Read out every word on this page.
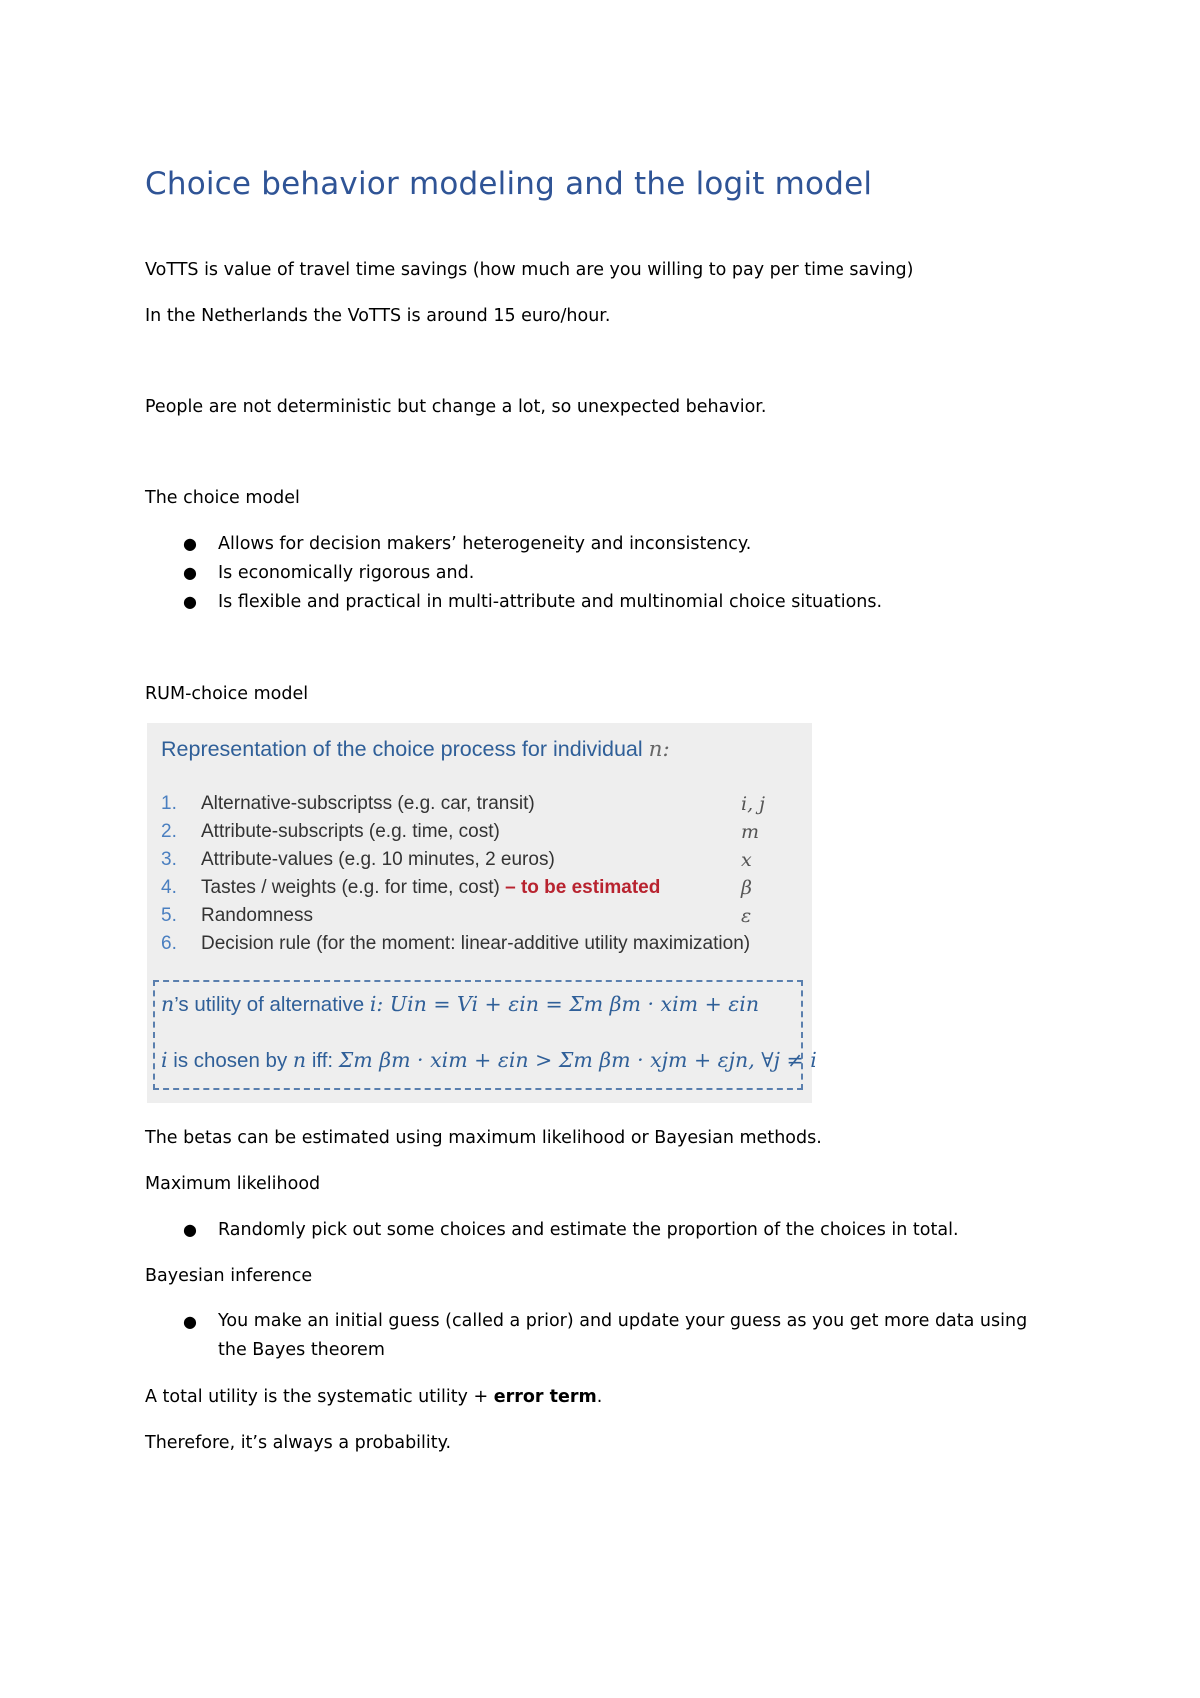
Choice behavior modeling and the logit model
VoTTS is value of travel time savings (how much are you willing to pay per time saving)
In the Netherlands the VoTTS is around 15 euro/hour.
People are not deterministic but change a lot, so unexpected behavior.
The choice model
● Allows for decision makers’ heterogeneity and inconsistency.
● Is economically rigorous and.
● Is flexible and practical in multi-attribute and multinomial choice situations.
RUM-choice model
Representation of the choice process for individual n:
1. Alternative-subscriptss (e.g. car, transit)	i, j
2. Attribute-subscripts (e.g. time, cost)	m
3. Attribute-values (e.g. 10 minutes, 2 euros)	x
4. Tastes / weights (e.g. for time, cost) – to be estimated	β
5. Randomness	ε
6. Decision rule (for the moment: linear-additive utility maximization)
n’s utility of alternative i: Uin = Vi + εin = Σm βm · xim + εin
i is chosen by n iff: Σm βm · xim + εin > Σm βm · xjm + εjn, ∀j ≠ i
The betas can be estimated using maximum likelihood or Bayesian methods.
Maximum likelihood
● Randomly pick out some choices and estimate the proportion of the choices in total.
Bayesian inference
● You make an initial guess (called a prior) and update your guess as you get more data using the Bayes theorem
A total utility is the systematic utility + error term.
Therefore, it’s always a probability.
